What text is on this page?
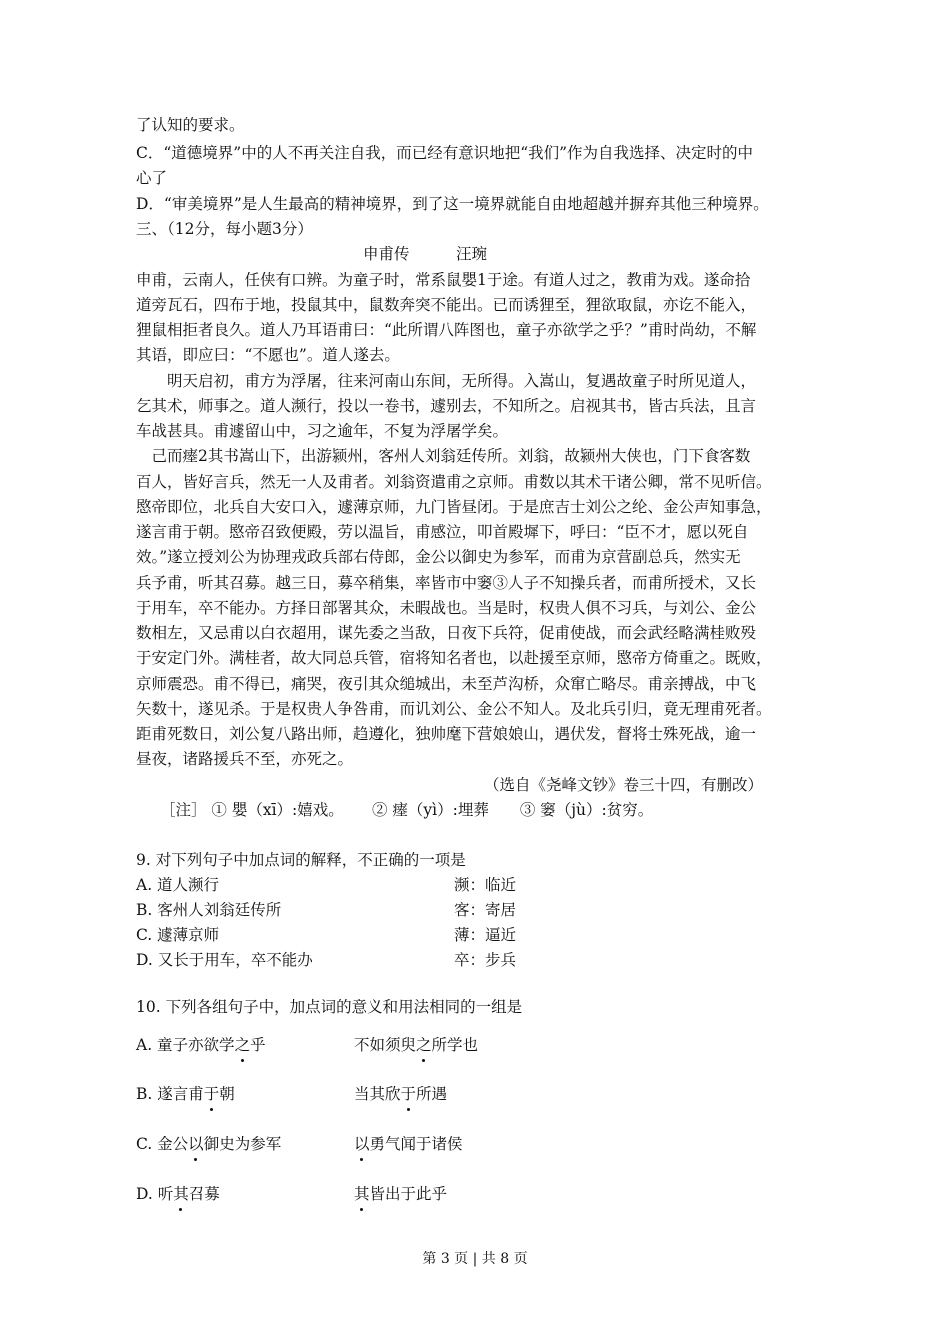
了认知的要求。
C．“道德境界”中的人不再关注自我，而已经有意识地把“我们”作为自我选择、决定时的中
心了
D．“审美境界”是人生最高的精神境界，到了这一境界就能自由地超越并摒弃其他三种境界。
三、（12分，每小题3分）
申甫传　　　汪琬
申甫，云南人，任侠有口辨。为童子时，常系鼠嬰1于途。有道人过之，教甫为戏。遂命拾
道旁瓦石，四布于地，投鼠其中，鼠数奔突不能出。已而诱狸至，狸欲取鼠，亦讫不能入，
狸鼠相拒者良久。道人乃耳语甫曰：“此所谓八阵图也，童子亦欲学之乎？”甫时尚幼，不解
其语，即应曰：“不愿也”。道人遂去。
　　明天启初，甫方为浮屠，往来河南山东间，无所得。入嵩山，复遇故童子时所见道人，
乞其术，师事之。道人濒行，投以一卷书，遽别去，不知所之。启视其书，皆古兵法，且言
车战甚具。甫遽留山中，习之逾年，不复为浮屠学矣。
　己而瘗2其书嵩山下，出游颍州，客州人刘翁廷传所。刘翁，故颍州大侠也，门下食客数
百人，皆好言兵，然无一人及甫者。刘翁资遣甫之京师。甫数以其术干诸公卿，常不见听信。
愍帝即位，北兵自大安口入，遽薄京师，九门皆昼闭。于是庶吉士刘公之纶、金公声知事急，
遂言甫于朝。愍帝召致便殿，劳以温旨，甫感泣，叩首殿墀下，呼曰：“臣不才，愿以死自
效。”遂立授刘公为协理戎政兵部右侍郎，金公以御史为参军，而甫为京营副总兵，然实无
兵予甫，听其召募。越三日，募卒稍集，率皆市中窭③人子不知操兵者，而甫所授术，又长
于用车，卒不能办。方择日部署其众，未暇战也。当是时，权贵人俱不习兵，与刘公、金公
数相左，又忌甫以白衣超用，谋先委之当敌，日夜下兵符，促甫使战，而会武经略满桂败殁
于安定门外。满桂者，故大同总兵管，宿将知名者也，以赴援至京师，愍帝方倚重之。既败，
京师震恐。甫不得已，痛哭，夜引其众缒城出，未至芦沟桥，众窜亡略尽。甫亲搏战，中飞
矢数十，遂见杀。于是权贵人争咎甫，而讥刘公、金公不知人。及北兵引归，竟无理甫死者。
距甫死数日，刘公复八路出师，趋遵化，独帅麾下营娘娘山，遇伏发，督将士殊死战，逾一
昼夜，诸路援兵不至，亦死之。
（选自《尧峰文钞》卷三十四，有删改）
［注］ ① 嬰（xī）:嬉戏。　　 ② 瘗（yì）:埋葬　　③ 窭（jù）:贫穷。
9. 对下列句子中加点词的解释，不正确的一项是
A. 道人濒行	濒：临近
B. 客州人刘翁廷传所	客：寄居
C. 遽薄京师	薄：逼近
D. 又长于用车，卒不能办	卒：步兵
10. 下列各组句子中，加点词的意义和用法相同的一组是
A. 童子亦欲学之乎	不如须臾之所学也
B. 遂言甫于朝	当其欣于所遇
C. 金公以御史为参军	以勇气闻于诸侯
D. 听其召募	其皆出于此乎
第 3 页 | 共 8 页
